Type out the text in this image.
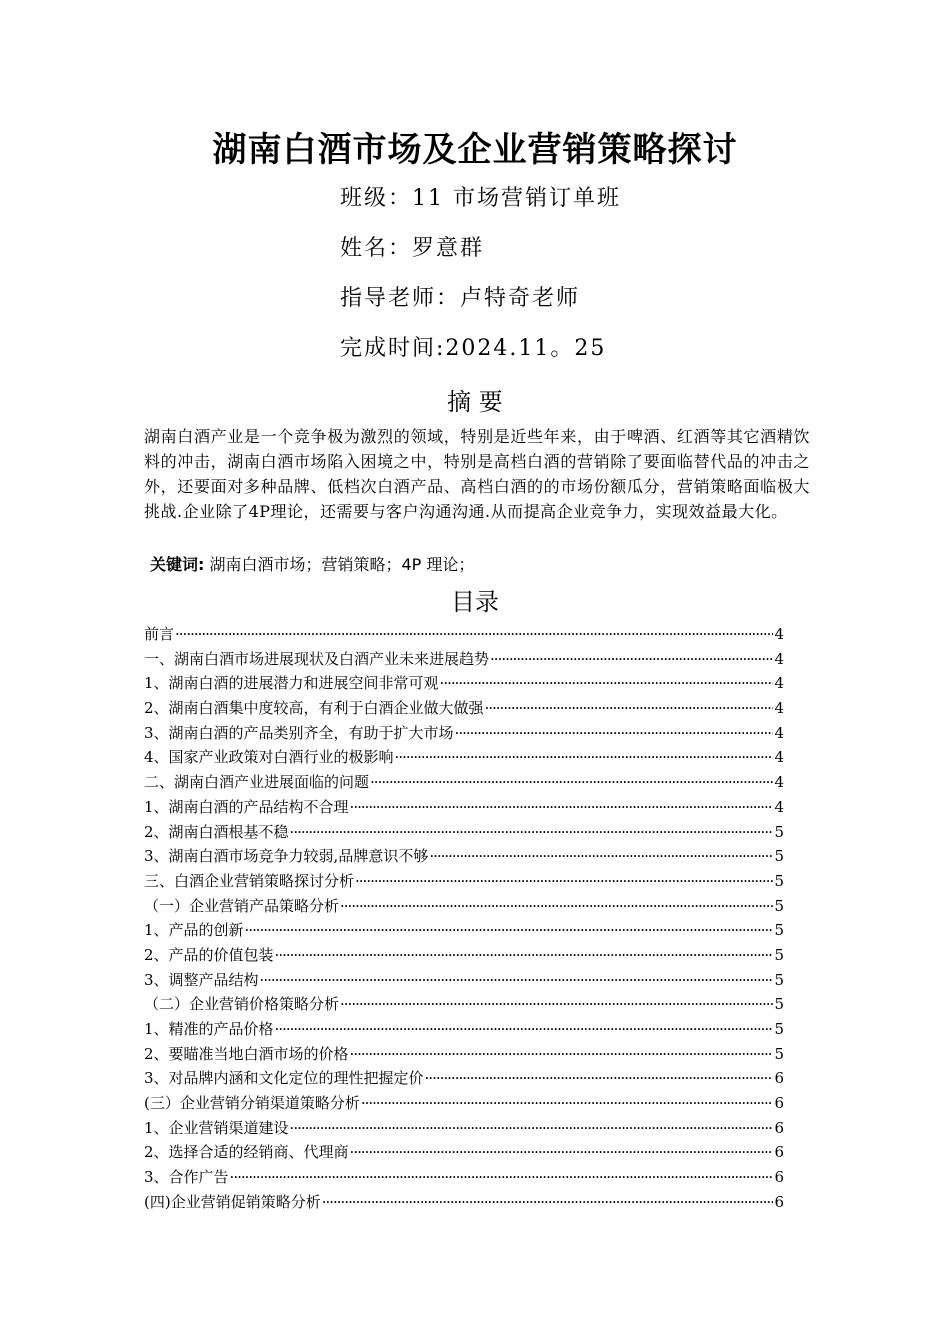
湖南白酒市场及企业营销策略探讨
班级：11 市场营销订单班
姓名：罗意群
指导老师：卢特奇老师
完成时间:2024.11。25
摘 要
湖南白酒产业是一个竞争极为激烈的领域，特别是近些年来，由于啤酒、红酒等其它酒精饮料的冲击，湖南白酒市场陷入困境之中，特别是高档白酒的营销除了要面临替代品的冲击之外，还要面对多种品牌、低档次白酒产品、高档白酒的的市场份额瓜分，营销策略面临极大挑战.企业除了4P理论，还需要与客户沟通沟通.从而提高企业竞争力，实现效益最大化。
关键词: 湖南白酒市场；营销策略；4P 理论；
目录
前言 ·····	4
一、湖南白酒市场进展现状及白酒产业未来进展趋势 ·····	4
1、湖南白酒的进展潜力和进展空间非常可观 ·····	4
2、湖南白酒集中度较高，有利于白酒企业做大做强 ·····	4
3、湖南白酒的产品类别齐全，有助于扩大市场 ·····	4
4、国家产业政策对白酒行业的极影响 ·····	4
二、湖南白酒产业进展面临的问题 ·····	4
1、湖南白酒的产品结构不合理 ·····	4
2、湖南白酒根基不稳 ·····	5
3、湖南白酒市场竞争力较弱,品牌意识不够 ·····	5
三、白酒企业营销策略探讨分析 ·····	5
（一）企业营销产品策略分析 ·····	5
1、产品的创新 ·····	5
2、产品的价值包装 ·····	5
3、调整产品结构 ·····	5
（二）企业营销价格策略分析 ·····	5
1、精准的产品价格 ·····	5
2、要瞄准当地白酒市场的价格 ·····	5
3、对品牌内涵和文化定位的理性把握定价 ·····	6
(三）企业营销分销渠道策略分析 ·····	6
1、企业营销渠道建设 ·····	6
2、选择合适的经销商、代理商 ·····	6
3、合作广告 ·····	6
(四)企业营销促销策略分析 ·····	6
